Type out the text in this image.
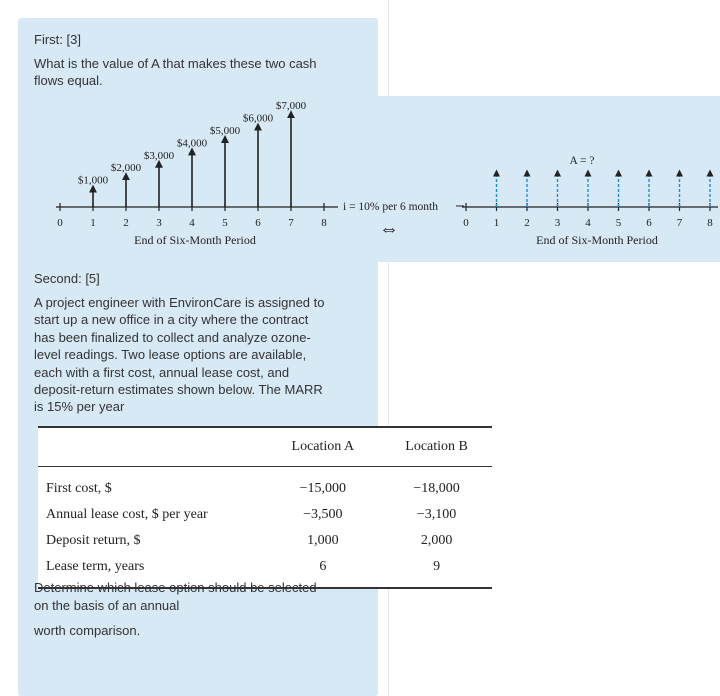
First: [3]
What is the value of A that makes these two cash
flows equal.
0	1	2	3	4	5	6	7	8
$1,000
$2,000
$3,000
$4,000
$5,000
$6,000
$7,000
End of Six-Month Period
i = 10% per 6 month
⇔	0 1 2 3 4 5 6 7 8
A = ?
End of Six-Month Period
Second: [5]
A project engineer with EnvironCare is assigned to
start up a new office in a city where the contract
has been finalized to collect and analyze ozone-
level readings. Two lease options are available,
each with a first cost, annual lease cost, and
deposit-return estimates shown below. The MARR
is 15% per year
	Location A	Location B
First cost, $	−15,000	−18,000
Annual lease cost, $ per year	−3,500	−3,100
Deposit return, $	1,000	2,000
Lease term, years	6	9
Determine which lease option should be selected
on the basis of an annual
worth comparison.
